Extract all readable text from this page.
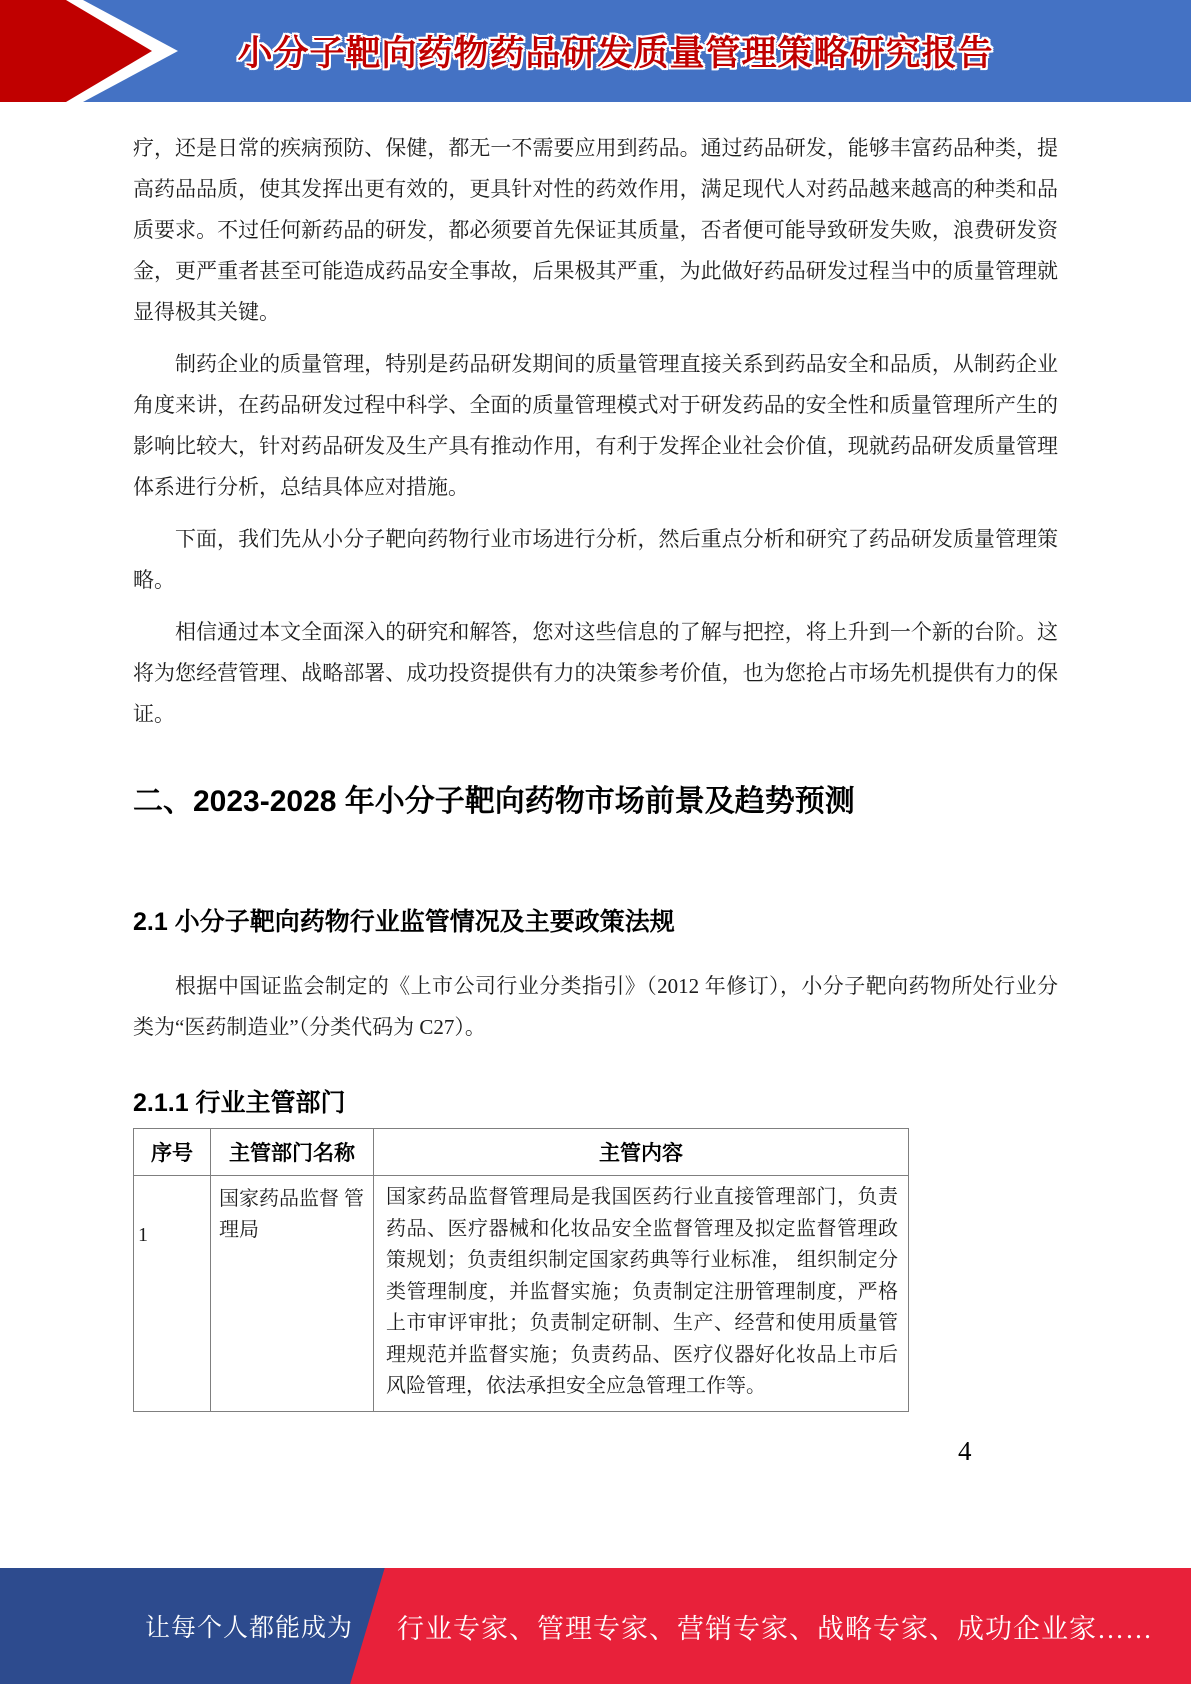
小分子靶向药物药品研发质量管理策略研究报告

疗，还是日常的疾病预防、保健，都无一不需要应用到药品。通过药品研发，能够丰富药品种类，提高药品品质，使其发挥出更有效的，更具针对性的药效作用，满足现代人对药品越来越高的种类和品质要求。不过任何新药品的研发，都必须要首先保证其质量，否者便可能导致研发失败，浪费研发资金，更严重者甚至可能造成药品安全事故，后果极其严重，为此做好药品研发过程当中的质量管理就显得极其关键。

制药企业的质量管理，特别是药品研发期间的质量管理直接关系到药品安全和品质，从制药企业角度来讲，在药品研发过程中科学、全面的质量管理模式对于研发药品的安全性和质量管理所产生的影响比较大，针对药品研发及生产具有推动作用，有利于发挥企业社会价值，现就药品研发质量管理体系进行分析，总结具体应对措施。

下面，我们先从小分子靶向药物行业市场进行分析，然后重点分析和研究了药品研发质量管理策略。

相信通过本文全面深入的研究和解答，您对这些信息的了解与把控，将上升到一个新的台阶。这将为您经营管理、战略部署、成功投资提供有力的决策参考价值，也为您抢占市场先机提供有力的保证。

二、2023-2028 年小分子靶向药物市场前景及趋势预测
2.1 小分子靶向药物行业监管情况及主要政策法规

根据中国证监会制定的《上市公司行业分类指引》（2012 年修订），小分子靶向药物所处行业分类为“医药制造业”（分类代码为 C27）。

2.1.1 行业主管部门
序号	主管部门名称	主管内容
1	国家药品监督 管理局	国家药品监督管理局是我国医药行业直接管理部门，负责药品、医疗器械和化妆品安全监督管理及拟定监督管理政策规划；负责组织制定国家药典等行业标准， 组织制定分类管理制度，并监督实施；负责制定注册管理制度，严格上市审评审批；负责制定研制、生产、经营和使用质量管理规范并监督实施；负责药品、医疗仪器好化妆品上市后风险管理，依法承担安全应急管理工作等。
4
让每个人都能成为 行业专家、管理专家、营销专家、战略专家、成功企业家……
